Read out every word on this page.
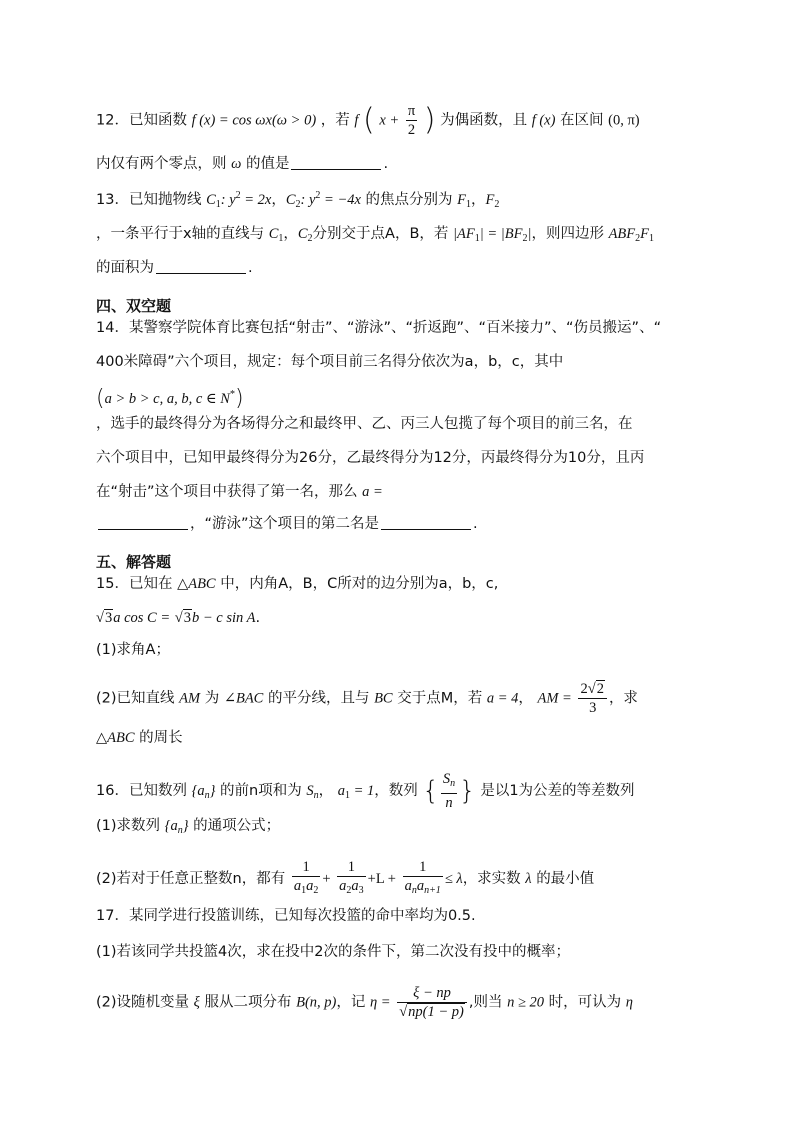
12．已知函数 f (x) = cos ωx(ω > 0) ，若 f ( $x + \frac{\pi}{2}$ ) 为偶函数，且 f (x) 在区间 (0, π)
内仅有两个零点，则 ω 的值是	.
13．已知抛物线 $C_1$: $y^2 = 2x$，$C_2$: $y^2 = -4x$ 的焦点分别为 $F_1$，$F_2$
，一条平行于x轴的直线与 $C_1$，$C_2$分别交于点A，B，若 $|AF_1| = |BF_2|$，则四边形 $ABF_2F_1$
的面积为	.
四、双空题
14．某警察学院体育比赛包括“射击”、“游泳”、“折返跑”、“百米接力”、“伤员搬运”、“
400米障碍”六个项目，规定：每个项目前三名得分依次为a，b，c，其中
(a > b > c, a, b, c ∈ N*)
，选手的最终得分为各场得分之和最终甲、乙、丙三人包揽了每个项目的前三名，在
六个项目中，已知甲最终得分为26分，乙最终得分为12分，丙最终得分为10分，且丙
在“射击”这个项目中获得了第一名，那么 a =
，“游泳”这个项目的第二名是	.
五、解答题
15．已知在 △ABC 中，内角A，B，C所对的边分别为a，b，c,
√3a cos C = √3b − c sin A.
(1)求角A；
(2)已知直线 AM 为 ∠BAC 的平分线，且与 BC 交于点M，若 a = 4， AM = $\frac{2√2}{3}$ ，求
△ABC 的周长
16．已知数列 $\{a_n\}$ 的前n项和为 $S_n$， $a_1 = 1$，数列 { $\frac{S_n}{n}$ } 是以1为公差的等差数列
(1)求数列 $\{a_n\}$ 的通项公式；
(2)若对于任意正整数n，都有 $\frac{1}{a_1a_2} + \frac{1}{a_2a_3} +L + \frac{1}{a_na_{n+1}} \le \lambda$，求实数 λ 的最小值
17．某同学进行投篮训练，已知每次投篮的命中率均为0.5.
(1)若该同学共投篮4次，求在投中2次的条件下，第二次没有投中的概率；
(2)设随机变量 ξ 服从二项分布 B(n, p)，记 $\eta = \frac{\xi - np}{√np(1 - p)}$ ,则当 n ≥ 20 时，可认为 η
